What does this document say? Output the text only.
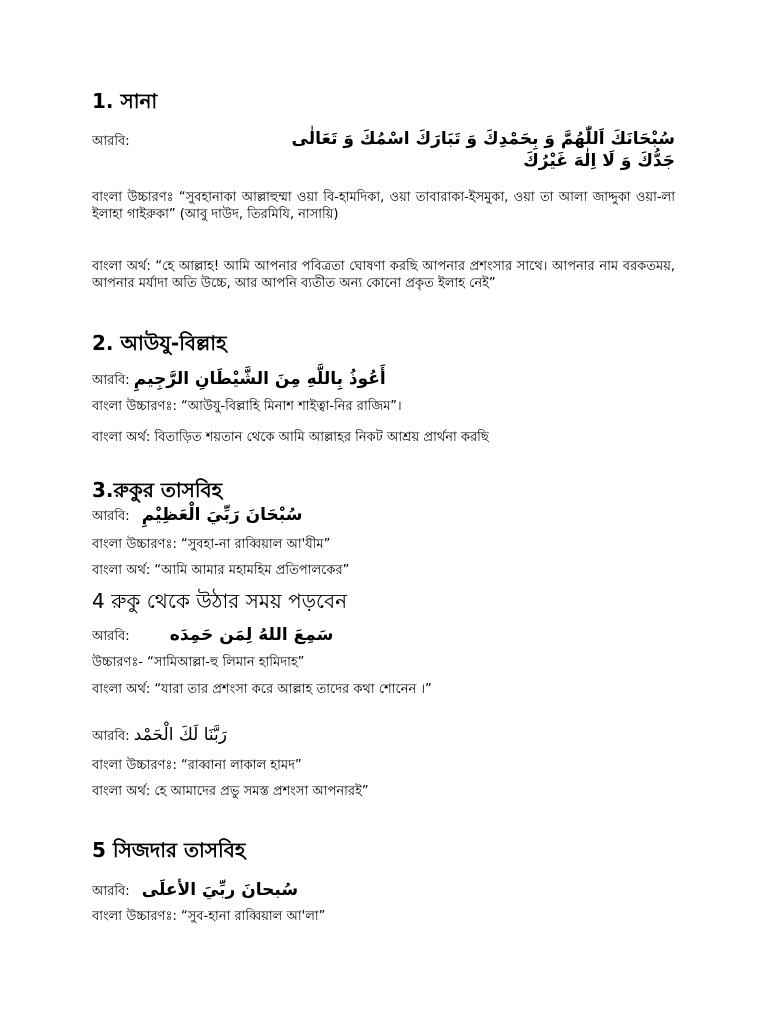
1. সানা
আরবি:	سُبْحَانَكَ اَللّٰهُمَّ وَ بِحَمْدِكَ وَ تَبَارَكَ اسْمُكَ وَ تَعَالٰى جَدُّكَ وَ لَا اِلٰهَ غَيْرُكَ
বাংলা উচ্চারণঃ “সুবহানাকা আল্লাহুম্মা ওয়া বি-হামদিকা, ওয়া তাবারাকা-ইসমুকা, ওয়া তা আলা জাদ্দুকা ওয়া-লা ইলাহা গাইরুকা” (আবু দাউদ, তিরমিযি, নাসায়ি)
বাংলা অর্থ: “হে আল্লাহ! আমি আপনার পবিত্রতা ঘোষণা করছি আপনার প্রশংসার সাথে। আপনার নাম বরকতময়, আপনার মর্যাদা অতি উচ্চে, আর আপনি ব্যতীত অন্য কোনো প্রকৃত ইলাহ নেই”
2. আউযু-বিল্লাহ
আরবি: أَعُوذُ بِاللَّهِ مِنَ الشَّيْطَانِ الرَّجِيمِ
বাংলা উচ্চারণঃ: “আউযু-বিল্লাহি মিনাশ শাইত্বা-নির রাজিম”।
বাংলা অর্থ: বিতাড়িত শয়তান থেকে আমি আল্লাহর নিকট আশ্রয় প্রার্থনা করছি
3.রুকুর তাসবিহ
আরবি: سُبْحَانَ رَبِّيَ الْعَظِيْمِ
বাংলা উচ্চারণঃ: “সুবহা-না রাব্বিয়াল আ'যীম”
বাংলা অর্থ: “আমি আমার মহামহিম প্রতিপালকের”
4 রুকু থেকে উঠার সময় পড়বেন
আরবি: سَمِعَ اللهُ لِمَن حَمِدَه
উচ্চারণঃ- “সামিআল্লা-হু লিমান হামিদাহ”
বাংলা অর্থ: “যারা তার প্রশংসা করে আল্লাহ তাদের কথা শোনেন ।”
আরবি: رَبَّنَا لَكَ الْحَمْد
বাংলা উচ্চারণঃ: “রাব্বানা লাকাল হামদ”
বাংলা অর্থ: হে আমাদের প্রভু সমস্ত প্রশংসা আপনারই”
5 সিজদার তাসবিহ
আরবি: سُبحانَ ربِّيَ الأعلَى
বাংলা উচ্চারণঃ: “সুব-হানা রাব্বিয়াল আ'লা”
